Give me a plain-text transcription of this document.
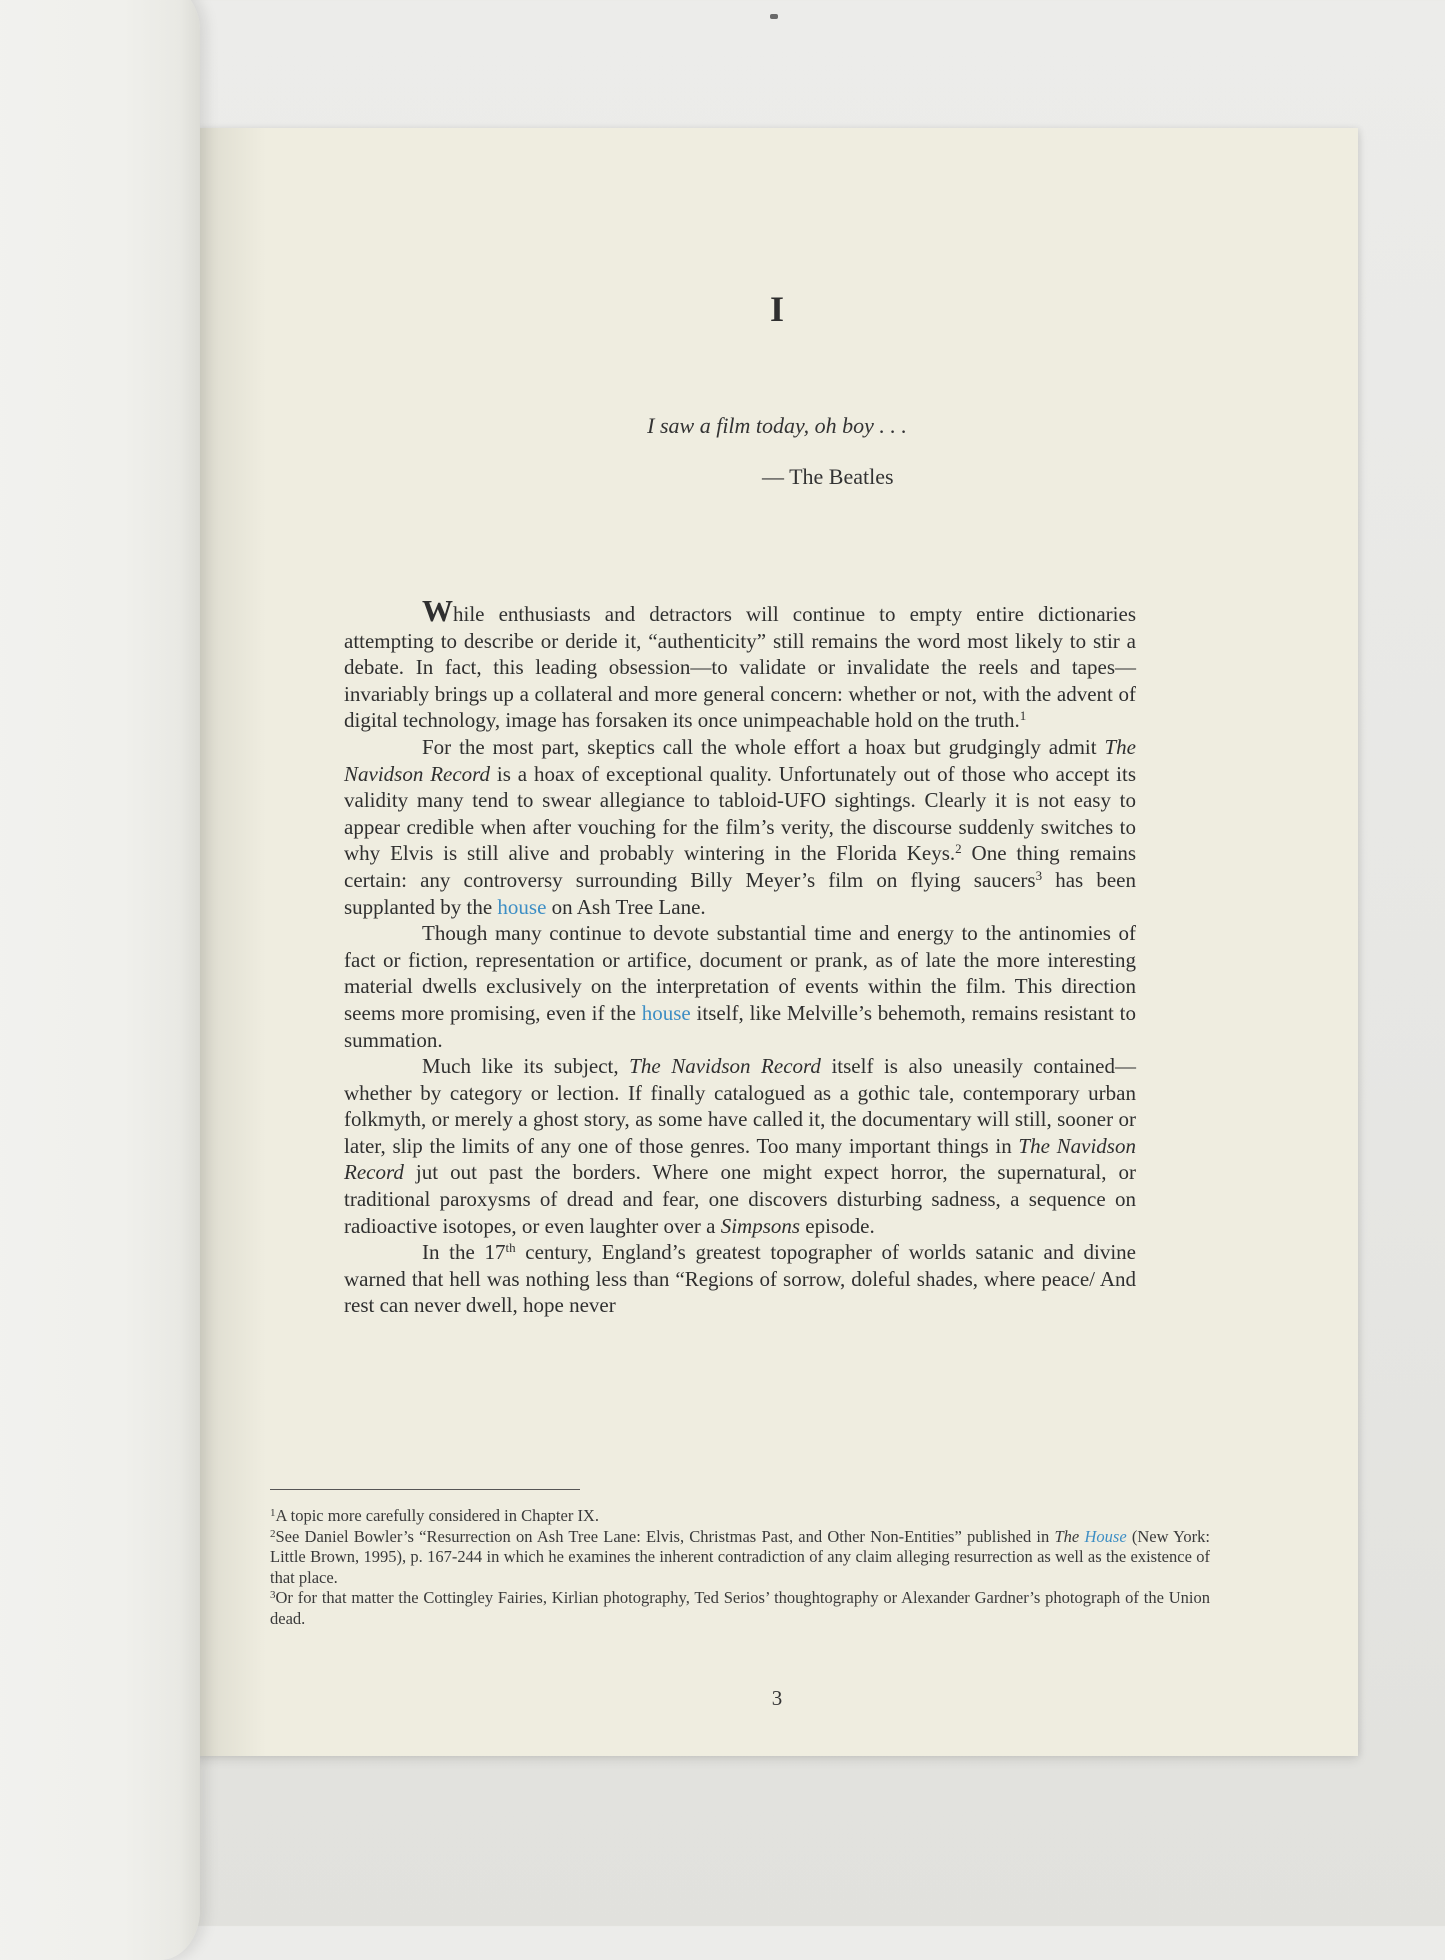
I
I saw a film today, oh boy . . .
— The Beatles

While enthusiasts and detractors will continue to empty entire dictionaries attempting to describe or deride it, “authenticity” still remains the word most likely to stir a debate. In fact, this leading obsession—to validate or invalidate the reels and tapes—invariably brings up a collateral and more general concern: whether or not, with the advent of digital technology, image has forsaken its once unimpeachable hold on the truth.$^1$

For the most part, skeptics call the whole effort a hoax but grudgingly admit The Navidson Record is a hoax of exceptional quality. Unfortunately out of those who accept its validity many tend to swear allegiance to tabloid-UFO sightings. Clearly it is not easy to appear credible when after vouching for the film’s verity, the discourse suddenly switches to why Elvis is still alive and probably wintering in the Florida Keys.$^2$ One thing remains certain: any controversy surrounding Billy Meyer’s film on flying saucers$^3$ has been supplanted by the house on Ash Tree Lane.

Though many continue to devote substantial time and energy to the antinomies of fact or fiction, representation or artifice, document or prank, as of late the more interesting material dwells exclusively on the interpretation of events within the film. This direction seems more promising, even if the house itself, like Melville’s behemoth, remains resistant to summation.

Much like its subject, The Navidson Record itself is also uneasily contained—whether by category or lection. If finally catalogued as a gothic tale, contemporary urban folkmyth, or merely a ghost story, as some have called it, the documentary will still, sooner or later, slip the limits of any one of those genres. Too many important things in The Navidson Record jut out past the borders. Where one might expect horror, the supernatural, or traditional paroxysms of dread and fear, one discovers disturbing sadness, a sequence on radioactive isotopes, or even laughter over a Simpsons episode.

In the 17th century, England’s greatest topographer of worlds satanic and divine warned that hell was nothing less than “Regions of sorrow, doleful shades, where peace/ And rest can never dwell, hope never

$^1$A topic more carefully considered in Chapter IX.

$^2$See Daniel Bowler’s “Resurrection on Ash Tree Lane: Elvis, Christmas Past, and Other Non-Entities” published in The House (New York: Little Brown, 1995), p. 167-244 in which he examines the inherent contradiction of any claim alleging resurrection as well as the existence of that place.

$^3$Or for that matter the Cottingley Fairies, Kirlian photography, Ted Serios’ thoughtography or Alexander Gardner’s photograph of the Union dead.

3
